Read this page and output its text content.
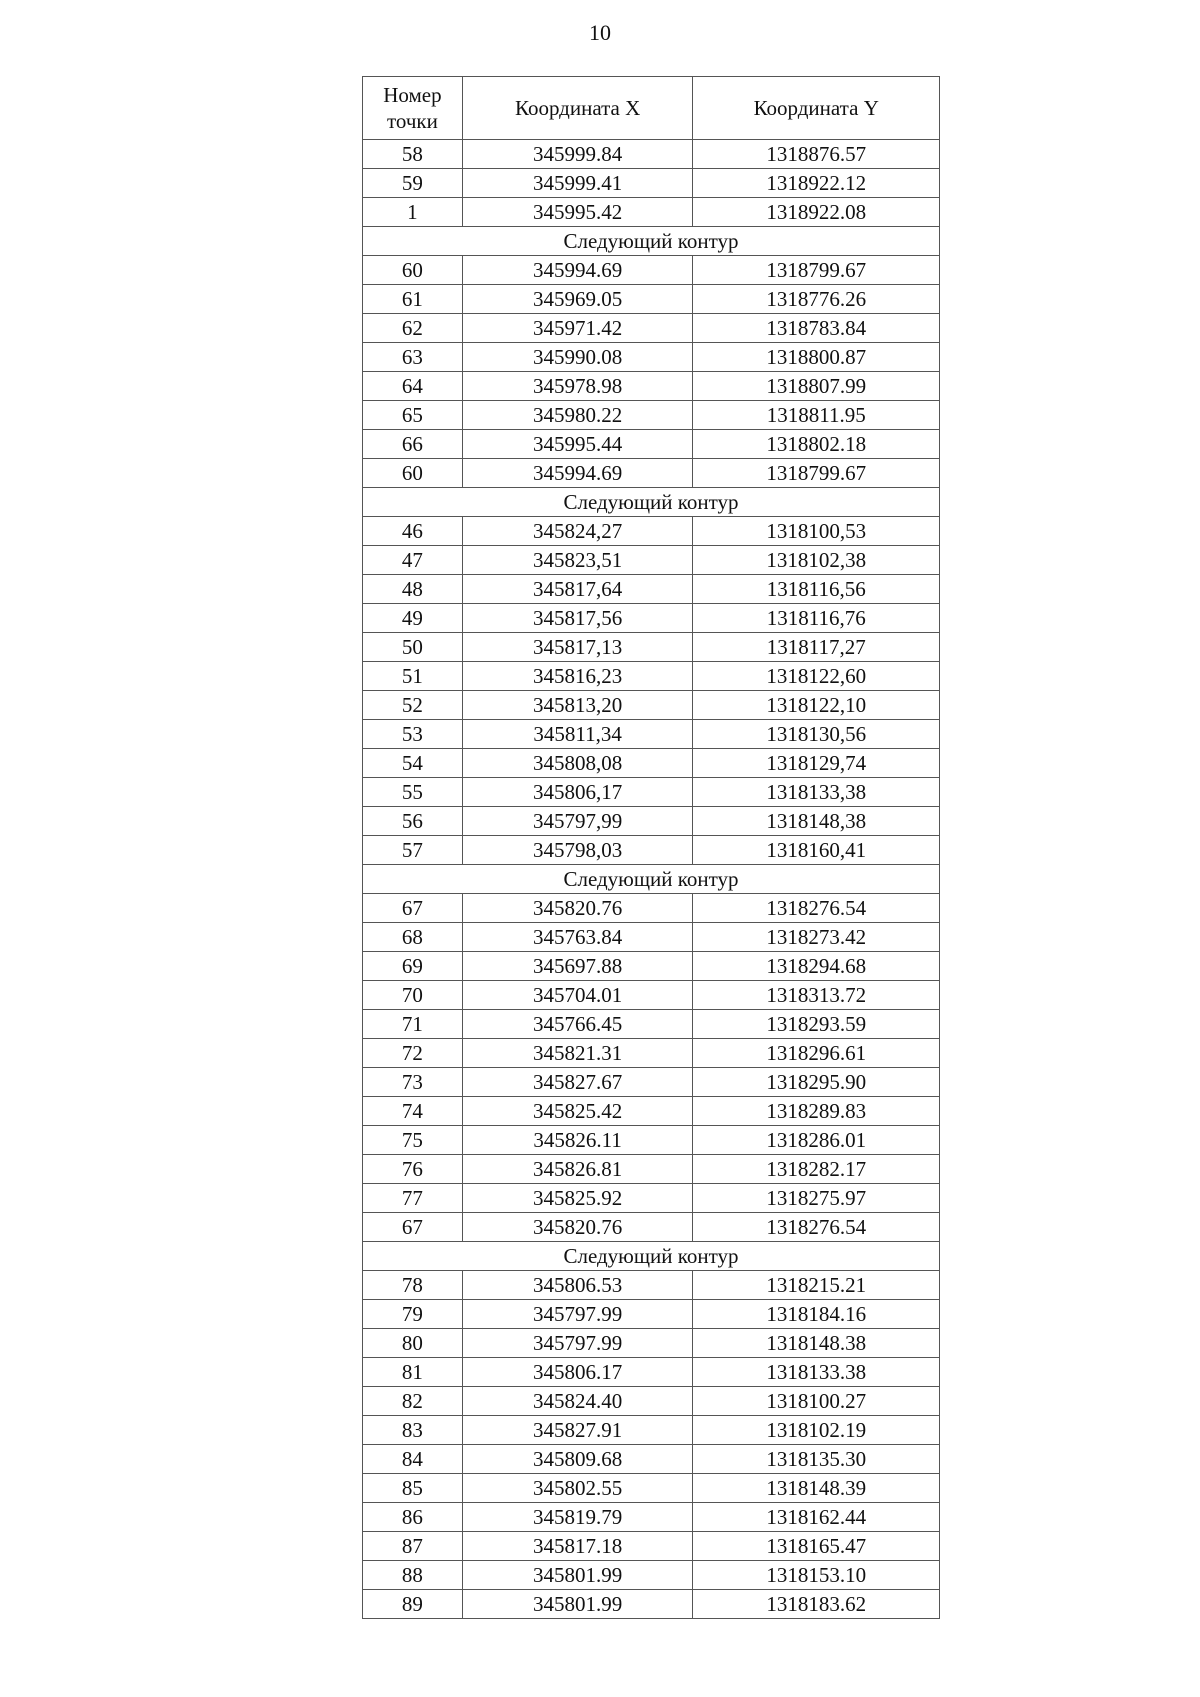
10
Номер
точки	Координата X	Координата Y
58	345999.84	1318876.57
59	345999.41	1318922.12
1	345995.42	1318922.08
Следующий контур		
60	345994.69	1318799.67
61	345969.05	1318776.26
62	345971.42	1318783.84
63	345990.08	1318800.87
64	345978.98	1318807.99
65	345980.22	1318811.95
66	345995.44	1318802.18
60	345994.69	1318799.67
Следующий контур		
46	345824,27	1318100,53
47	345823,51	1318102,38
48	345817,64	1318116,56
49	345817,56	1318116,76
50	345817,13	1318117,27
51	345816,23	1318122,60
52	345813,20	1318122,10
53	345811,34	1318130,56
54	345808,08	1318129,74
55	345806,17	1318133,38
56	345797,99	1318148,38
57	345798,03	1318160,41
Следующий контур		
67	345820.76	1318276.54
68	345763.84	1318273.42
69	345697.88	1318294.68
70	345704.01	1318313.72
71	345766.45	1318293.59
72	345821.31	1318296.61
73	345827.67	1318295.90
74	345825.42	1318289.83
75	345826.11	1318286.01
76	345826.81	1318282.17
77	345825.92	1318275.97
67	345820.76	1318276.54
Следующий контур		
78	345806.53	1318215.21
79	345797.99	1318184.16
80	345797.99	1318148.38
81	345806.17	1318133.38
82	345824.40	1318100.27
83	345827.91	1318102.19
84	345809.68	1318135.30
85	345802.55	1318148.39
86	345819.79	1318162.44
87	345817.18	1318165.47
88	345801.99	1318153.10
89	345801.99	1318183.62
